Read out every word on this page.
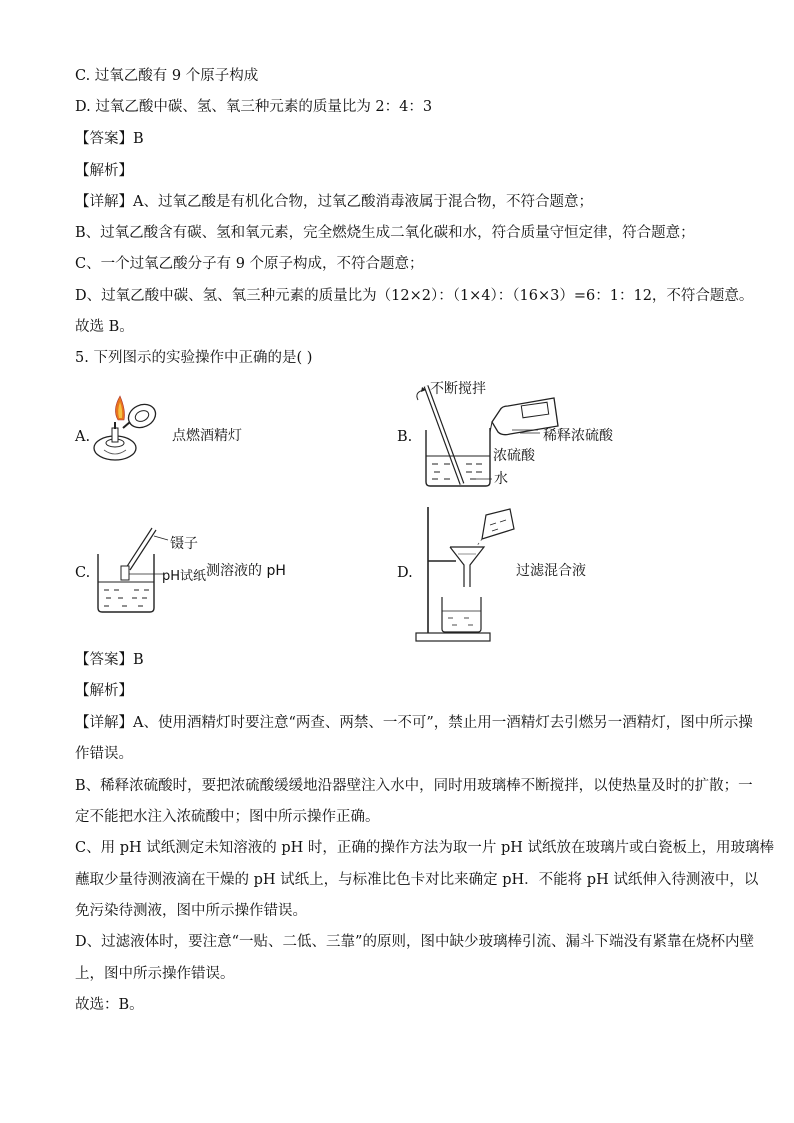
C. 过氧乙酸有 9 个原子构成
D. 过氧乙酸中碳、氢、氧三种元素的质量比为 2：4：3
【答案】B
【解析】
【详解】A、过氧乙酸是有机化合物，过氧乙酸消毒液属于混合物，不符合题意；
B、过氧乙酸含有碳、氢和氧元素，完全燃烧生成二氧化碳和水，符合质量守恒定律，符合题意；
C、一个过氧乙酸分子有 9 个原子构成，不符合题意；
D、过氧乙酸中碳、氢、氧三种元素的质量比为（12×2）：（1×4）：（16×3）=6：1：12，不符合题意。
故选 B。
5. 下列图示的实验操作中正确的是( )
A.	点燃酒精灯	B.
不断搅拌
稀释浓硫酸
浓硫酸
水
C.
镊子
pH试纸 测溶液的 pH	D.	过滤混合液
【答案】B
【解析】
【详解】A、使用酒精灯时要注意“两查、两禁、一不可”，禁止用一酒精灯去引燃另一酒精灯，图中所示操
作错误。
B、稀释浓硫酸时，要把浓硫酸缓缓地沿器壁注入水中，同时用玻璃棒不断搅拌，以使热量及时的扩散；一
定不能把水注入浓硫酸中；图中所示操作正确。
C、用 pH 试纸测定未知溶液的 pH 时，正确的操作方法为取一片 pH 试纸放在玻璃片或白瓷板上，用玻璃棒
蘸取少量待测液滴在干燥的 pH 试纸上，与标准比色卡对比来确定 pH．不能将 pH 试纸伸入待测液中，以
免污染待测液，图中所示操作错误。
D、过滤液体时，要注意“一贴、二低、三靠”的原则，图中缺少玻璃棒引流、漏斗下端没有紧靠在烧杯内壁
上，图中所示操作错误。
故选：B。
